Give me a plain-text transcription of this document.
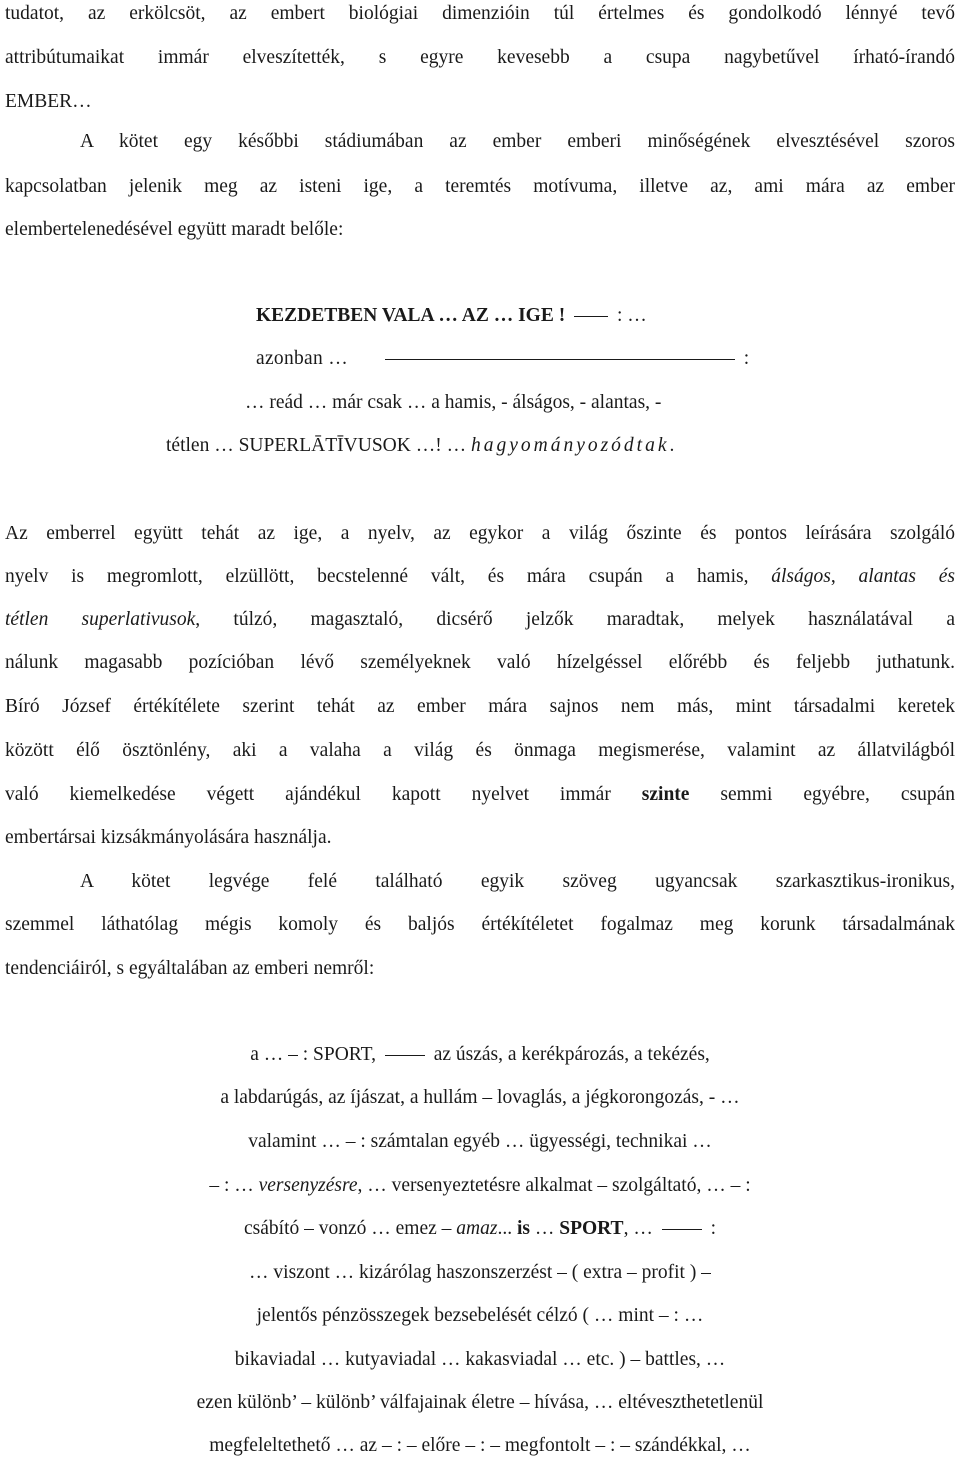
tudatot, az erkölcsöt, az embert biológiai dimenzióin túl értelmes és gondolkodó lénnyé tevő
attribútumaikat immár elveszítették, s egyre kevesebb a csupa nagybetűvel írható-írandó
EMBER…
A kötet egy későbbi stádiumában az ember emberi minőségének elvesztésével szoros
kapcsolatban jelenik meg az isteni ige, a teremtés motívuma, illetve az, ami mára az ember
elembertelenedésével együtt maradt belőle:
KEZDETBEN VALA … AZ … IGE !	: …
azonban …	:
… reád … már csak … a hamis, - álságos, - alantas, -
tétlen … SUPERLĀTĪVUSOK …! … hagyományozódtak.
Az emberrel együtt tehát az ige, a nyelv, az egykor a világ őszinte és pontos leírására szolgáló
nyelv is megromlott, elzüllött, becstelenné vált, és mára csupán a hamis, álságos, alantas és
tétlen superlativusok, túlzó, magasztaló, dicsérő jelzők maradtak, melyek használatával a
nálunk magasabb pozícióban lévő személyeknek való hízelgéssel előrébb és feljebb juthatunk.
Bíró József értékítélete szerint tehát az ember mára sajnos nem más, mint társadalmi keretek
között élő ösztönlény, aki a valaha a világ és önmaga megismerése, valamint az állatvilágból
való kiemelkedése végett ajándékul kapott nyelvet immár szinte semmi egyébre, csupán
embertársai kizsákmányolására használja.
A kötet legvége felé található egyik szöveg ugyancsak szarkasztikus-ironikus,
szemmel láthatólag mégis komoly és baljós értékítéletet fogalmaz meg korunk társadalmának
tendenciáiról, s egyáltalában az emberi nemről:
a … – : SPORT,	az úszás, a kerékpározás, a tekézés,
a labdarúgás, az íjászat, a hullám – lovaglás, a jégkorongozás, - …
valamint … – : számtalan egyéb … ügyességi, technikai …
– : … versenyzésre, … versenyeztetésre alkalmat – szolgáltató, … – :
csábító – vonzó … emez – amaz... is … SPORT, …	:
… viszont … kizárólag haszonszerzést – ( extra – profit ) –
jelentős pénzösszegek bezsebelését célzó ( … mint – : …
bikaviadal … kutyaviadal … kakasviadal … etc. ) – battles, …
ezen különb’ – különb’ válfajainak életre – hívása, … eltéveszthetetlenül
megfeleltethető … az – : – előre – : – megfontolt – : – szándékkal, …
